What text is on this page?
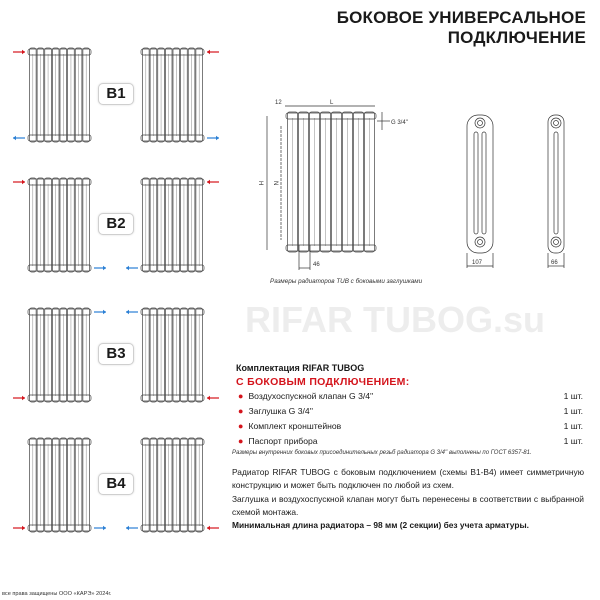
RIFAR TUBOG.su
БОКОВОЕ УНИВЕРСАЛЬНОЕ
ПОДКЛЮЧЕНИЕ
B1
B2
B3
B4
12	L
G 3/4''
H N
46	107	66
Размеры радиаторов TUB с боковыми заглушками
Комплектация RIFAR TUBOG
С БОКОВЫМ ПОДКЛЮЧЕНИЕМ:
● Воздухоспускной клапан G 3/4''	1 шт.
● Заглушка G 3/4''	1 шт.
● Комплект кронштейнов	1 шт.
● Паспорт прибора	1 шт.
Размеры внутренних боковых присоединительных резьб радиатора G 3/4'' выполнены по ГОСТ 6357-81.
Радиатор RIFAR TUBOG с боковым подключением (схемы В1-В4) имеет симметричную конструкцию и может быть подключен по любой из схем.
Заглушка и воздухоспускной клапан могут быть перенесены в соответствии с выбранной схемой монтажа.
Минимальная длина радиатора – 98 мм (2 секции) без учета арматуры.
все права защищены ООО «КАРЭ» 2024г.
